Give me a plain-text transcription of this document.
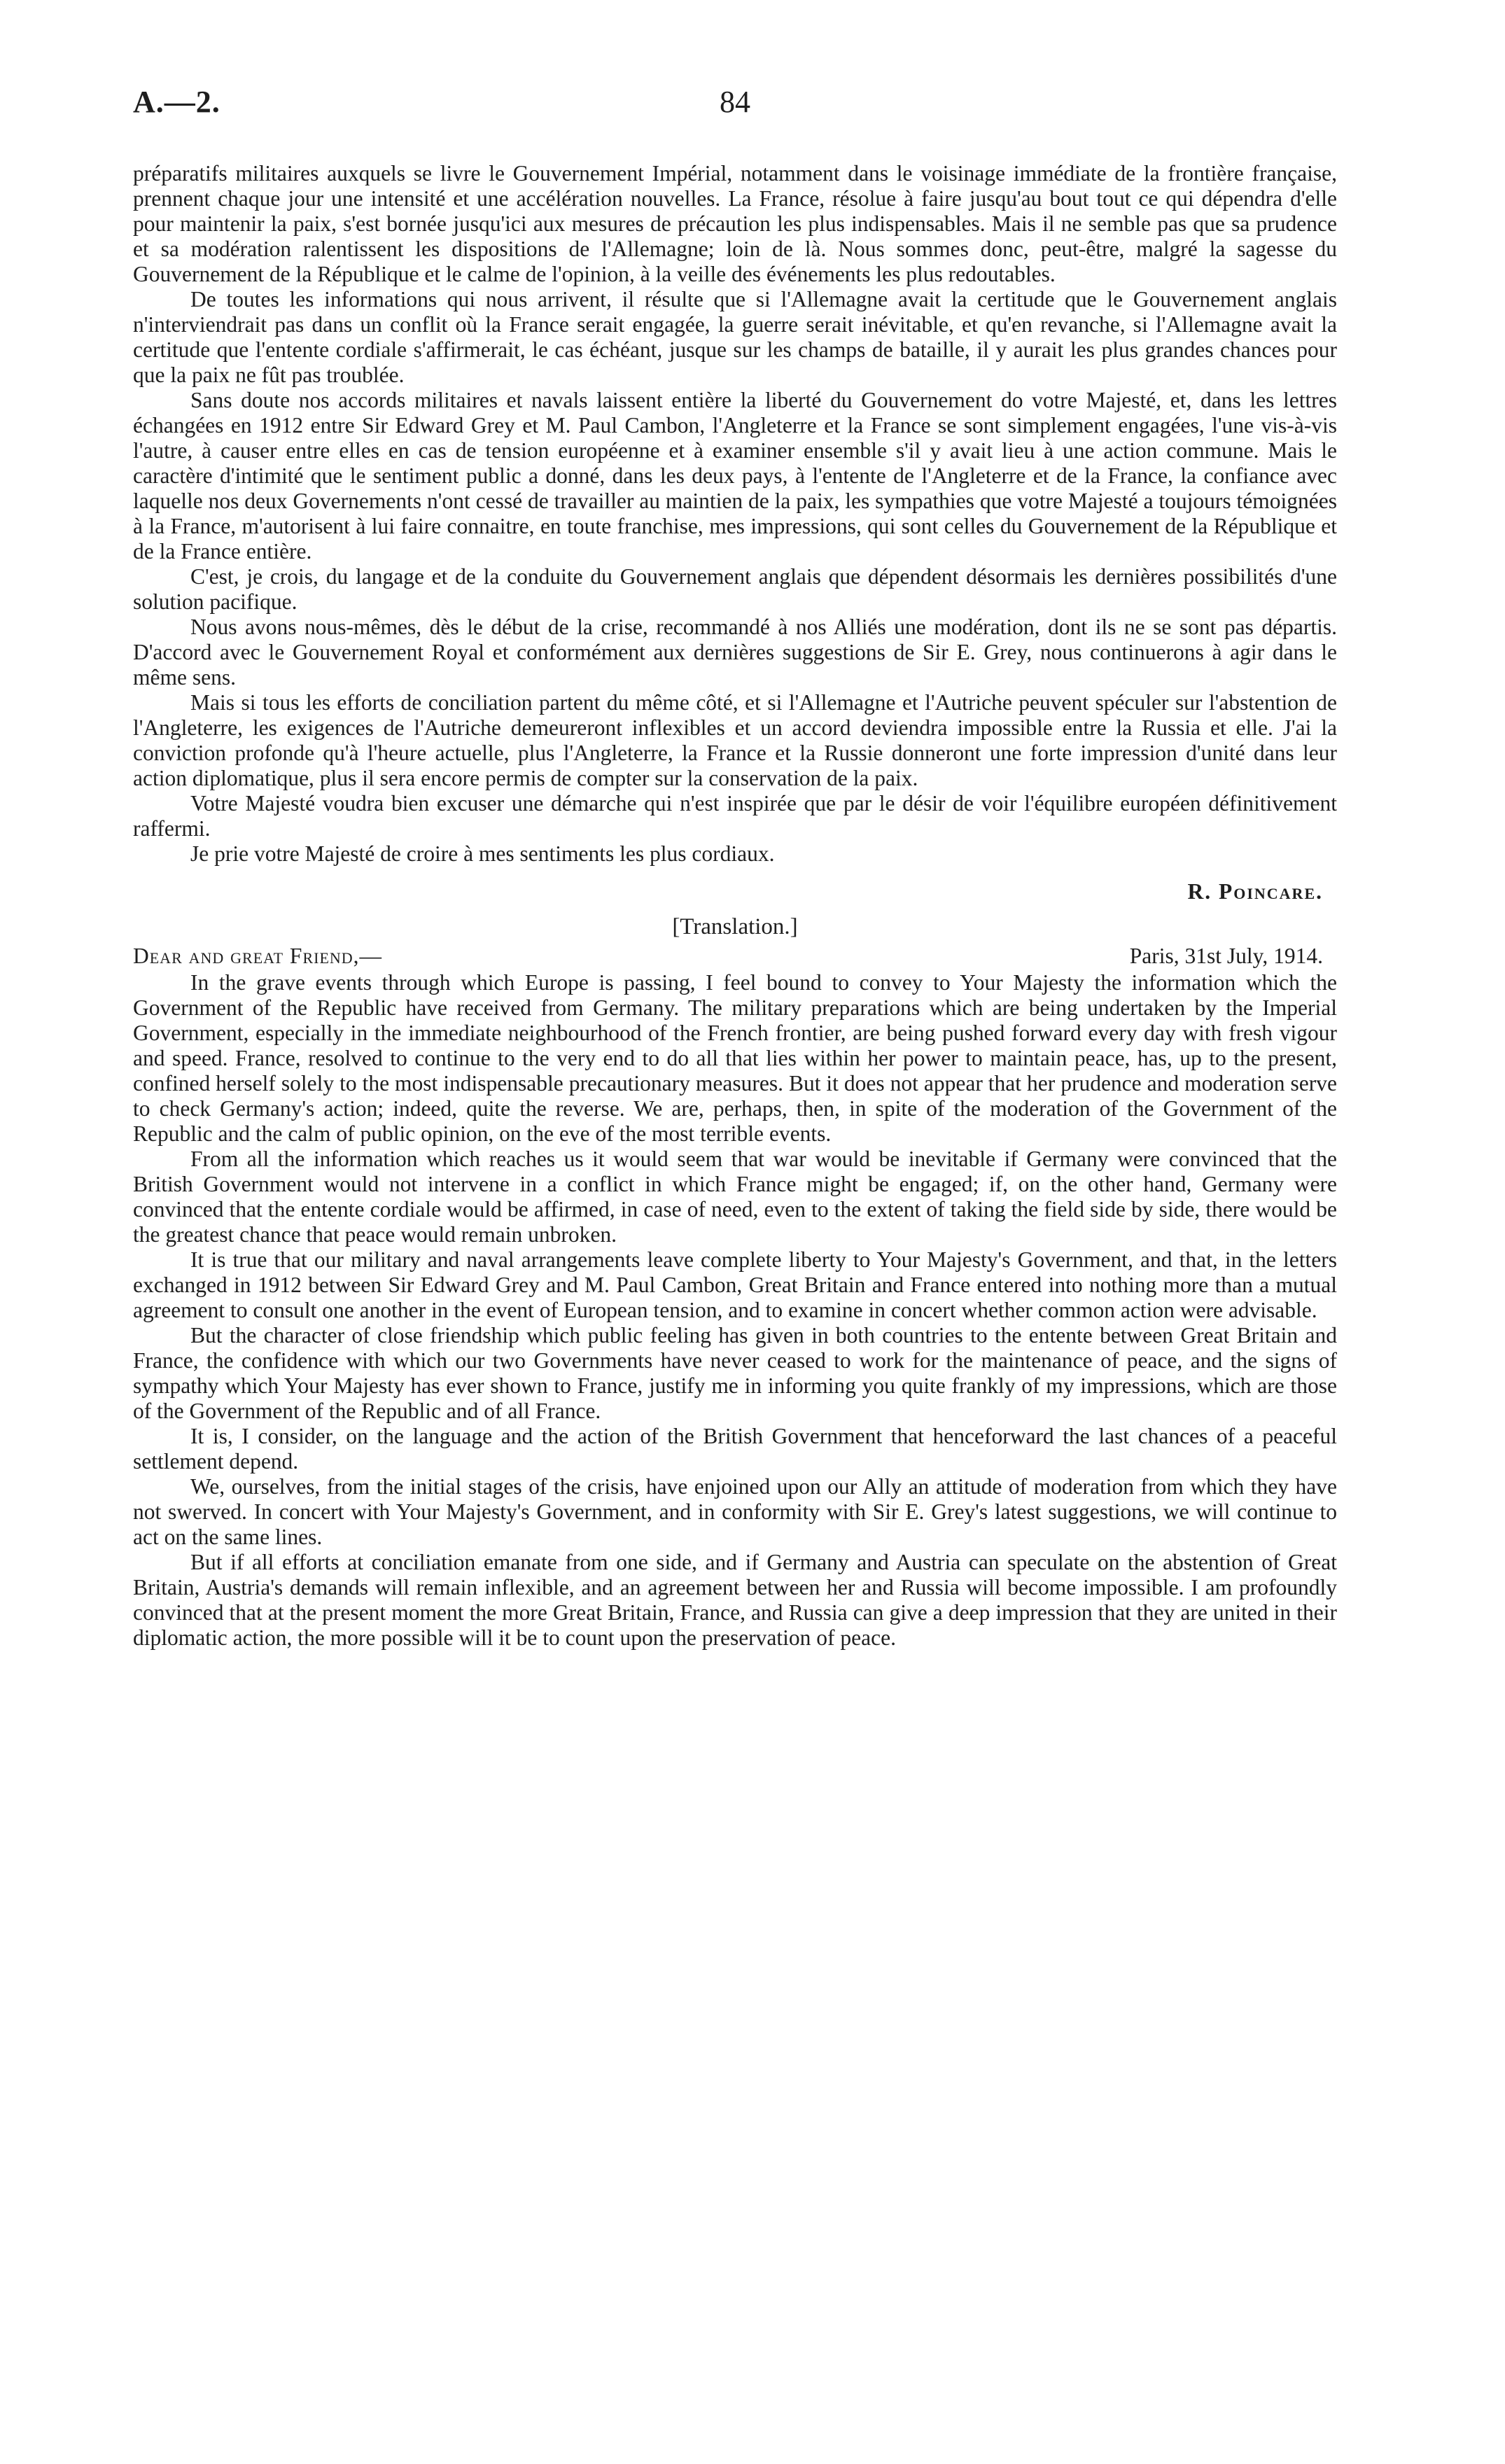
A.—2.	84

préparatifs militaires auxquels se livre le Gouvernement Impérial, notamment dans le voisinage immédiate de la frontière française, prennent chaque jour une intensité et une accélération nouvelles. La France, résolue à faire jusqu'au bout tout ce qui dépendra d'elle pour maintenir la paix, s'est bornée jusqu'ici aux mesures de précaution les plus indispensables. Mais il ne semble pas que sa prudence et sa modération ralentissent les dispositions de l'Allemagne; loin de là. Nous sommes donc, peut-être, malgré la sagesse du Gouvernement de la République et le calme de l'opinion, à la veille des événements les plus redoutables.

De toutes les informations qui nous arrivent, il résulte que si l'Allemagne avait la certitude que le Gouvernement anglais n'interviendrait pas dans un conflit où la France serait engagée, la guerre serait inévitable, et qu'en revanche, si l'Allemagne avait la certitude que l'entente cordiale s'affirmerait, le cas échéant, jusque sur les champs de bataille, il y aurait les plus grandes chances pour que la paix ne fût pas troublée.

Sans doute nos accords militaires et navals laissent entière la liberté du Gouvernement do votre Majesté, et, dans les lettres échangées en 1912 entre Sir Edward Grey et M. Paul Cambon, l'Angleterre et la France se sont simplement engagées, l'une vis-à-vis l'autre, à causer entre elles en cas de tension européenne et à examiner ensemble s'il y avait lieu à une action commune. Mais le caractère d'intimité que le sentiment public a donné, dans les deux pays, à l'entente de l'Angleterre et de la France, la confiance avec laquelle nos deux Governements n'ont cessé de travailler au maintien de la paix, les sympathies que votre Majesté a toujours témoignées à la France, m'autorisent à lui faire connaitre, en toute franchise, mes impressions, qui sont celles du Gouvernement de la République et de la France entière.

C'est, je crois, du langage et de la conduite du Gouvernement anglais que dépendent désormais les dernières possibilités d'une solution pacifique.

Nous avons nous-mêmes, dès le début de la crise, recommandé à nos Alliés une modération, dont ils ne se sont pas départis. D'accord avec le Gouvernement Royal et conformément aux dernières suggestions de Sir E. Grey, nous continuerons à agir dans le même sens.

Mais si tous les efforts de conciliation partent du même côté, et si l'Allemagne et l'Autriche peuvent spéculer sur l'abstention de l'Angleterre, les exigences de l'Autriche demeureront inflexibles et un accord deviendra impossible entre la Russia et elle. J'ai la conviction profonde qu'à l'heure actuelle, plus l'Angleterre, la France et la Russie donneront une forte impression d'unité dans leur action diplomatique, plus il sera encore permis de compter sur la conservation de la paix.

Votre Majesté voudra bien excuser une démarche qui n'est inspirée que par le désir de voir l'équilibre européen définitivement raffermi.

Je prie votre Majesté de croire à mes sentiments les plus cordiaux.

R. Poincare.
[Translation.]
Dear and great Friend,—	Paris, 31st July, 1914.

In the grave events through which Europe is passing, I feel bound to convey to Your Majesty the information which the Government of the Republic have received from Germany. The military preparations which are being undertaken by the Imperial Government, especially in the immediate neighbourhood of the French frontier, are being pushed forward every day with fresh vigour and speed. France, resolved to continue to the very end to do all that lies within her power to maintain peace, has, up to the present, confined herself solely to the most indispensable precautionary measures. But it does not appear that her prudence and moderation serve to check Germany's action; indeed, quite the reverse. We are, perhaps, then, in spite of the moderation of the Government of the Republic and the calm of public opinion, on the eve of the most terrible events.

From all the information which reaches us it would seem that war would be inevitable if Germany were convinced that the British Government would not intervene in a conflict in which France might be engaged; if, on the other hand, Germany were convinced that the entente cordiale would be affirmed, in case of need, even to the extent of taking the field side by side, there would be the greatest chance that peace would remain unbroken.

It is true that our military and naval arrangements leave complete liberty to Your Majesty's Government, and that, in the letters exchanged in 1912 between Sir Edward Grey and M. Paul Cambon, Great Britain and France entered into nothing more than a mutual agreement to consult one another in the event of European tension, and to examine in concert whether common action were advisable.

But the character of close friendship which public feeling has given in both countries to the entente between Great Britain and France, the confidence with which our two Governments have never ceased to work for the maintenance of peace, and the signs of sympathy which Your Majesty has ever shown to France, justify me in informing you quite frankly of my impressions, which are those of the Government of the Republic and of all France.

It is, I consider, on the language and the action of the British Government that henceforward the last chances of a peaceful settlement depend.

We, ourselves, from the initial stages of the crisis, have enjoined upon our Ally an attitude of moderation from which they have not swerved. In concert with Your Majesty's Government, and in conformity with Sir E. Grey's latest suggestions, we will continue to act on the same lines.

But if all efforts at conciliation emanate from one side, and if Germany and Austria can speculate on the abstention of Great Britain, Austria's demands will remain inflexible, and an agreement between her and Russia will become impossible. I am profoundly convinced that at the present moment the more Great Britain, France, and Russia can give a deep impression that they are united in their diplomatic action, the more possible will it be to count upon the preservation of peace.
